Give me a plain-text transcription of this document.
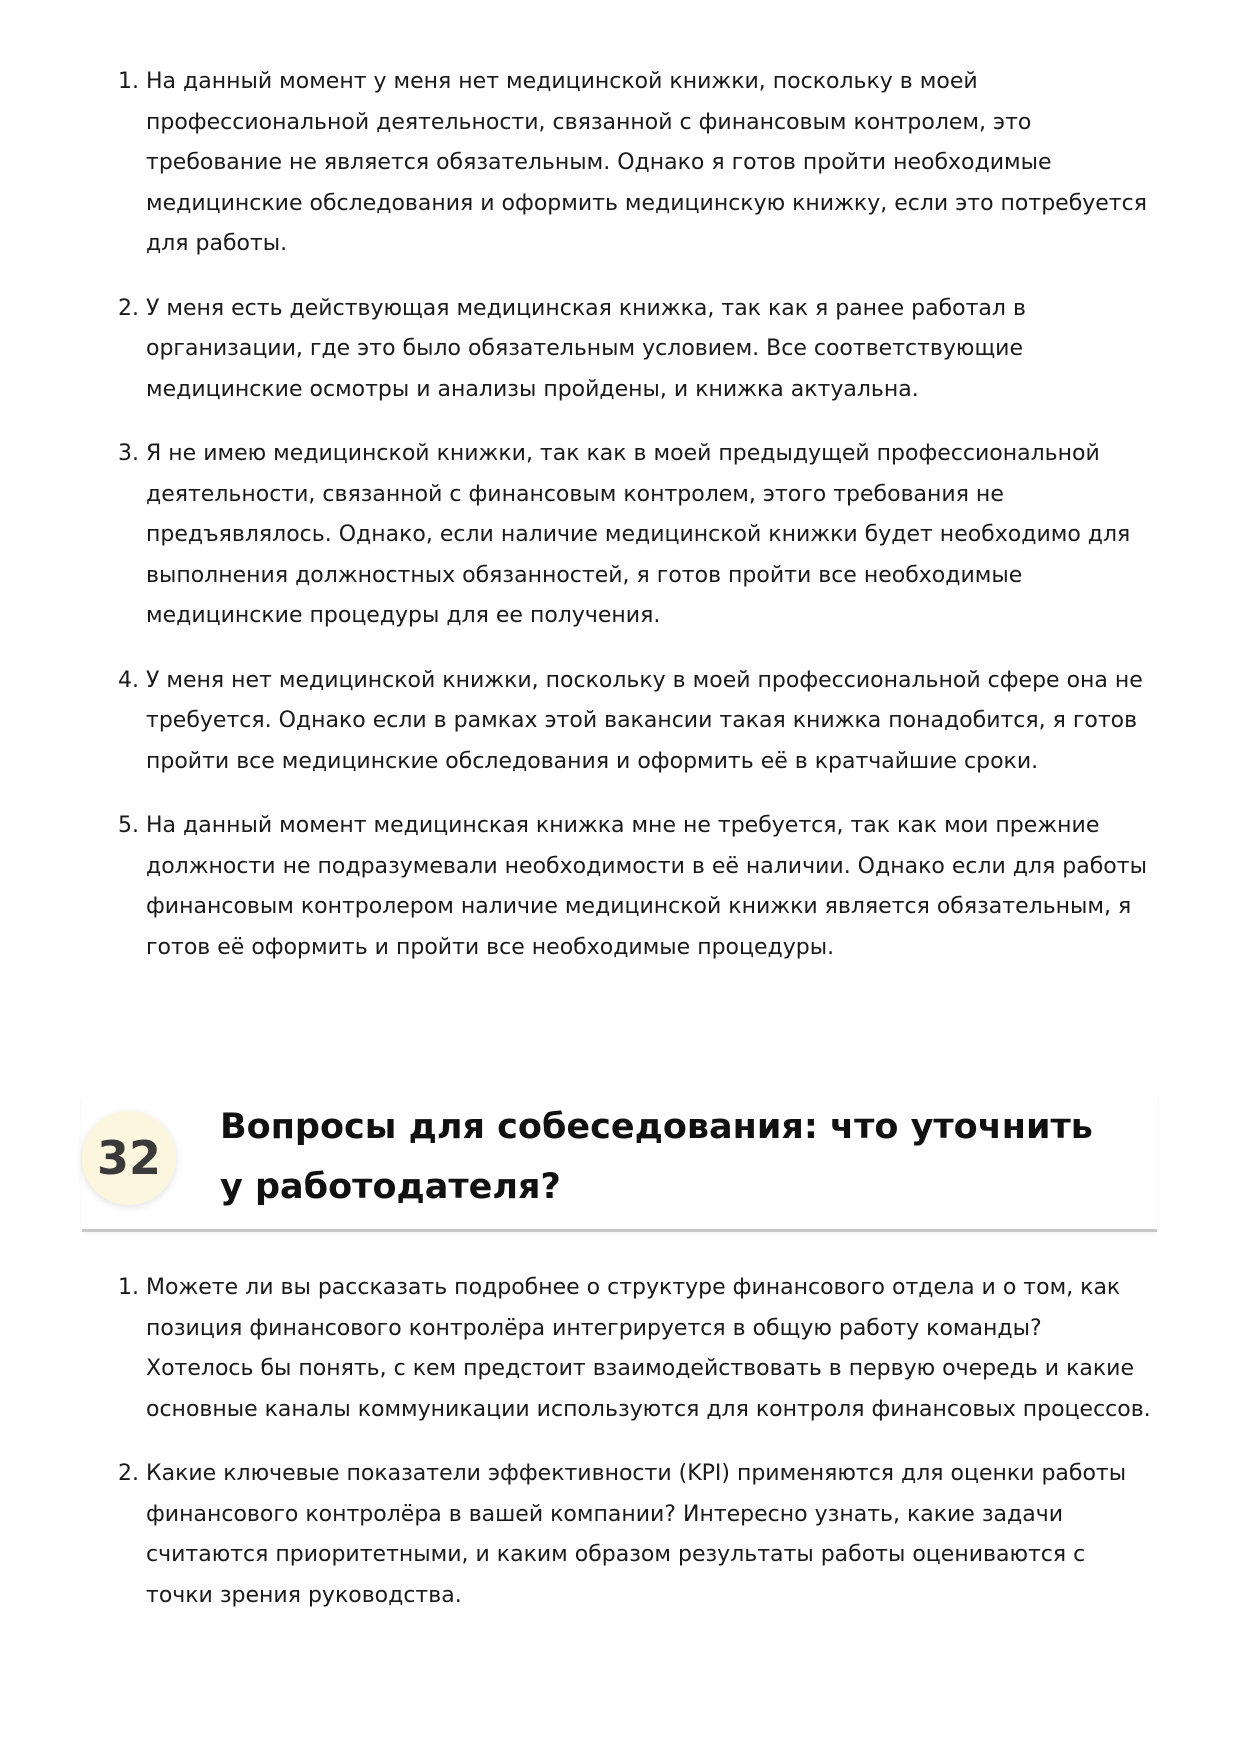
1. На данный момент у меня нет медицинской книжки, поскольку в моей профессиональной деятельности, связанной с финансовым контролем, это требование не является обязательным. Однако я готов пройти необходимые медицинские обследования и оформить медицинскую книжку, если это потребуется для работы.
2. У меня есть действующая медицинская книжка, так как я ранее работал в организации, где это было обязательным условием. Все соответствующие медицинские осмотры и анализы пройдены, и книжка актуальна.
3. Я не имею медицинской книжки, так как в моей предыдущей профессиональной деятельности, связанной с финансовым контролем, этого требования не предъявлялось. Однако, если наличие медицинской книжки будет необходимо для выполнения должностных обязанностей, я готов пройти все необходимые медицинские процедуры для ее получения.
4. У меня нет медицинской книжки, поскольку в моей профессиональной сфере она не требуется. Однако если в рамках этой вакансии такая книжка понадобится, я готов пройти все медицинские обследования и оформить её в кратчайшие сроки.
5. На данный момент медицинская книжка мне не требуется, так как мои прежние должности не подразумевали необходимости в её наличии. Однако если для работы финансовым контролером наличие медицинской книжки является обязательным, я готов её оформить и пройти все необходимые процедуры.
32
Вопросы для собеседования: что уточнить у работодателя?
1. Можете ли вы рассказать подробнее о структуре финансового отдела и о том, как позиция финансового контролёра интегрируется в общую работу команды? Хотелось бы понять, с кем предстоит взаимодействовать в первую очередь и какие основные каналы коммуникации используются для контроля финансовых процессов.
2. Какие ключевые показатели эффективности (KPI) применяются для оценки работы финансового контролёра в вашей компании? Интересно узнать, какие задачи считаются приоритетными, и каким образом результаты работы оцениваются с точки зрения руководства.
